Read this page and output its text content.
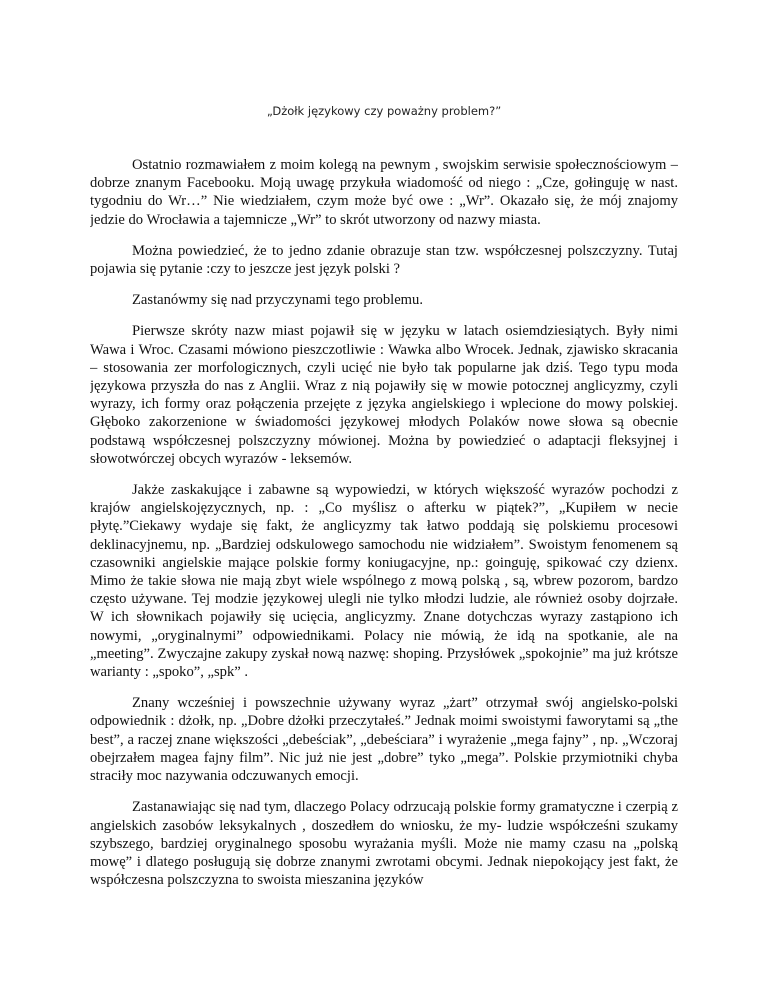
„Dżołk językowy czy poważny problem?”

Ostatnio rozmawiałem z moim kolegą na pewnym , swojskim serwisie społecznościowym – dobrze znanym Facebooku. Moją uwagę przykuła wiadomość od niego : „Cze, gołinguję w nast. tygodniu do Wr…” Nie wiedziałem, czym może być owe : „Wr”. Okazało się, że mój znajomy jedzie do Wrocławia a tajemnicze „Wr” to skrót utworzony od nazwy miasta.

Można powiedzieć, że to jedno zdanie obrazuje stan tzw. współczesnej polszczyzny. Tutaj pojawia się pytanie :czy to jeszcze jest język polski ?

Zastanówmy się nad przyczynami tego problemu.

Pierwsze skróty nazw miast pojawił się w języku w latach osiemdziesiątych. Były nimi Wawa i Wroc. Czasami mówiono pieszczotliwie : Wawka albo Wrocek. Jednak, zjawisko skracania – stosowania zer morfologicznych, czyli ucięć nie było tak popularne jak dziś. Tego typu moda językowa przyszła do nas z Anglii. Wraz z nią pojawiły się w mowie potocznej anglicyzmy, czyli wyrazy, ich formy oraz połączenia przejęte z języka angielskiego i wplecione do mowy polskiej. Głęboko zakorzenione w świadomości językowej młodych Polaków nowe słowa są obecnie podstawą współczesnej polszczyzny mówionej. Można by powiedzieć o adaptacji fleksyjnej i słowotwórczej obcych wyrazów - leksemów.

Jakże zaskakujące i zabawne są wypowiedzi, w których większość wyrazów pochodzi z krajów angielskojęzycznych, np. : „Co myślisz o afterku w piątek?”, „Kupiłem w necie płytę.”Ciekawy wydaje się fakt, że anglicyzmy tak łatwo poddają się polskiemu procesowi deklinacyjnemu, np. „Bardziej odskulowego samochodu nie widziałem”. Swoistym fenomenem są czasowniki angielskie mające polskie formy koniugacyjne, np.: goinguję, spikować czy dzienx. Mimo że takie słowa nie mają zbyt wiele wspólnego z mową polską , są, wbrew pozorom, bardzo często używane. Tej modzie językowej ulegli nie tylko młodzi ludzie, ale również osoby dojrzałe. W ich słownikach pojawiły się ucięcia, anglicyzmy. Znane dotychczas wyrazy zastąpiono ich nowymi, „oryginalnymi” odpowiednikami. Polacy nie mówią, że idą na spotkanie, ale na „meeting”. Zwyczajne zakupy zyskał nową nazwę: shoping. Przysłówek „spokojnie” ma już krótsze warianty : „spoko”, „spk” .

Znany wcześniej i powszechnie używany wyraz „żart” otrzymał swój angielsko-polski odpowiednik : dżołk, np. „Dobre dżołki przeczytałeś.” Jednak moimi swoistymi faworytami są „the best”, a raczej znane większości „debeściak”, „debeściara” i wyrażenie „mega fajny” , np. „Wczoraj obejrzałem magea fajny film”. Nic już nie jest „dobre” tyko „mega”. Polskie przymiotniki chyba straciły moc nazywania odczuwanych emocji.

Zastanawiając się nad tym, dlaczego Polacy odrzucają polskie formy gramatyczne i czerpią z angielskich zasobów leksykalnych , doszedłem do wniosku, że my- ludzie współcześni szukamy szybszego, bardziej oryginalnego sposobu wyrażania myśli. Może nie mamy czasu na „polską mowę” i dlatego posługują się dobrze znanymi zwrotami obcymi. Jednak niepokojący jest fakt, że współczesna polszczyzna to swoista mieszanina języków
